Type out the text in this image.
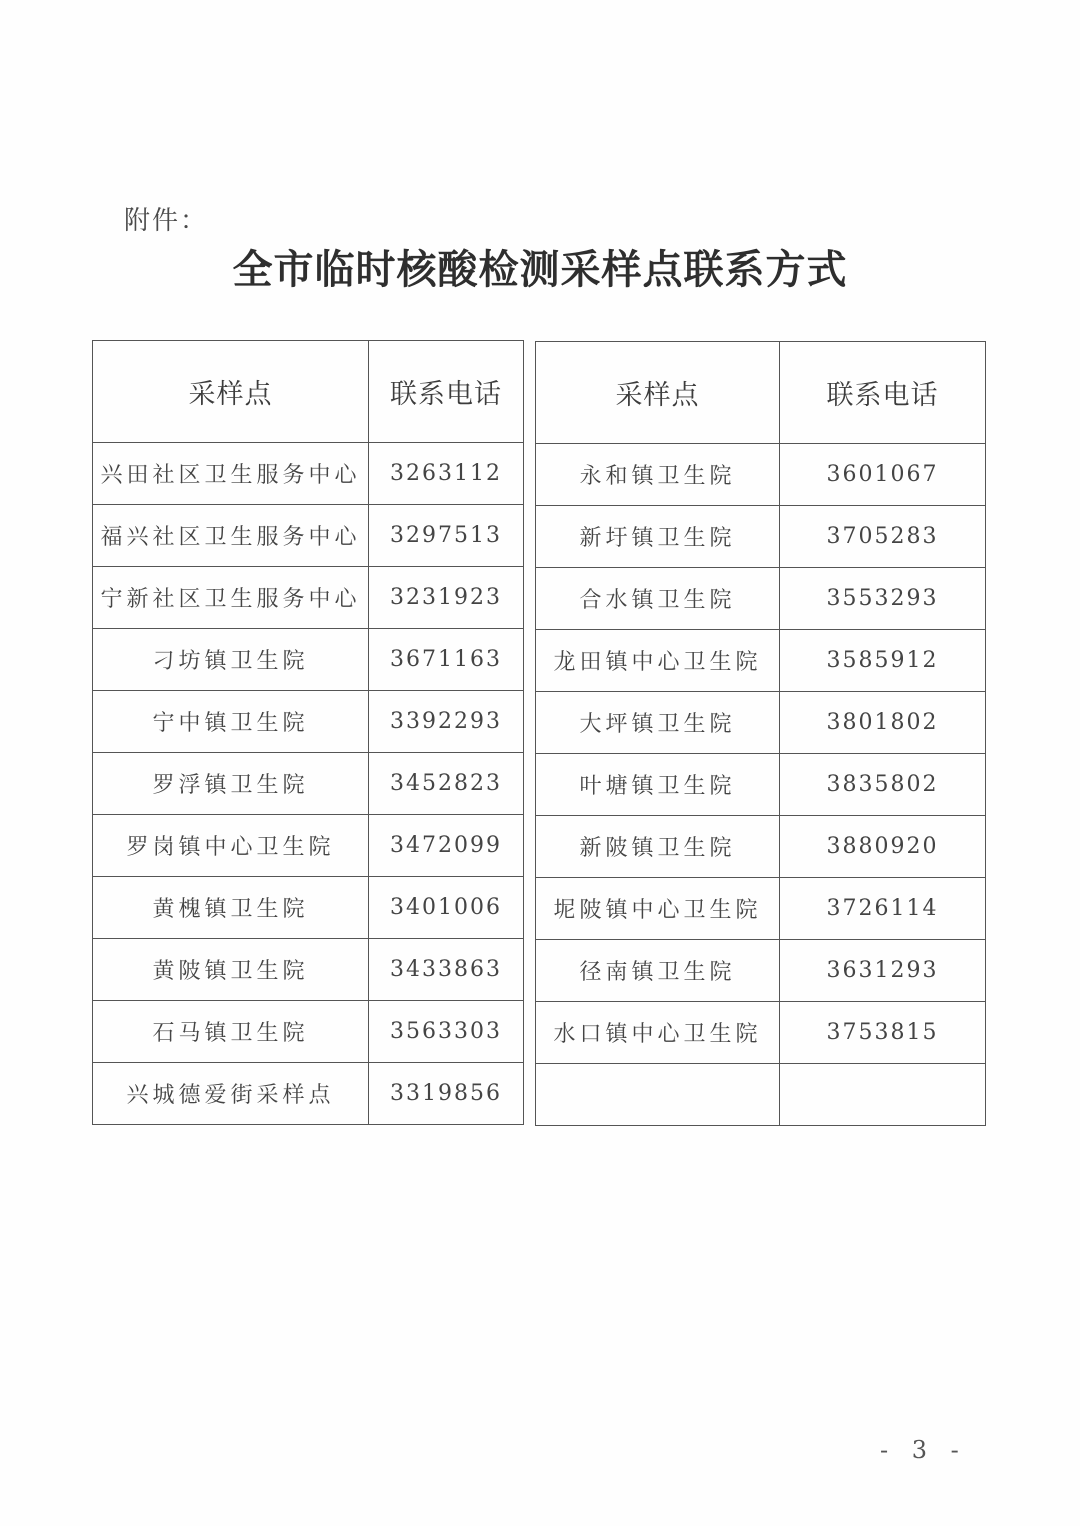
附件：
全市临时核酸检测采样点联系方式
采样点	联系电话
兴田社区卫生服务中心	3263112
福兴社区卫生服务中心	3297513
宁新社区卫生服务中心	3231923
刁坊镇卫生院	3671163
宁中镇卫生院	3392293
罗浮镇卫生院	3452823
罗岗镇中心卫生院	3472099
黄槐镇卫生院	3401006
黄陂镇卫生院	3433863
石马镇卫生院	3563303
兴城德爱街采样点	3319856
采样点	联系电话
永和镇卫生院	3601067
新圩镇卫生院	3705283
合水镇卫生院	3553293
龙田镇中心卫生院	3585912
大坪镇卫生院	3801802
叶塘镇卫生院	3835802
新陂镇卫生院	3880920
坭陂镇中心卫生院	3726114
径南镇卫生院	3631293
水口镇中心卫生院	3753815

- 3 -
